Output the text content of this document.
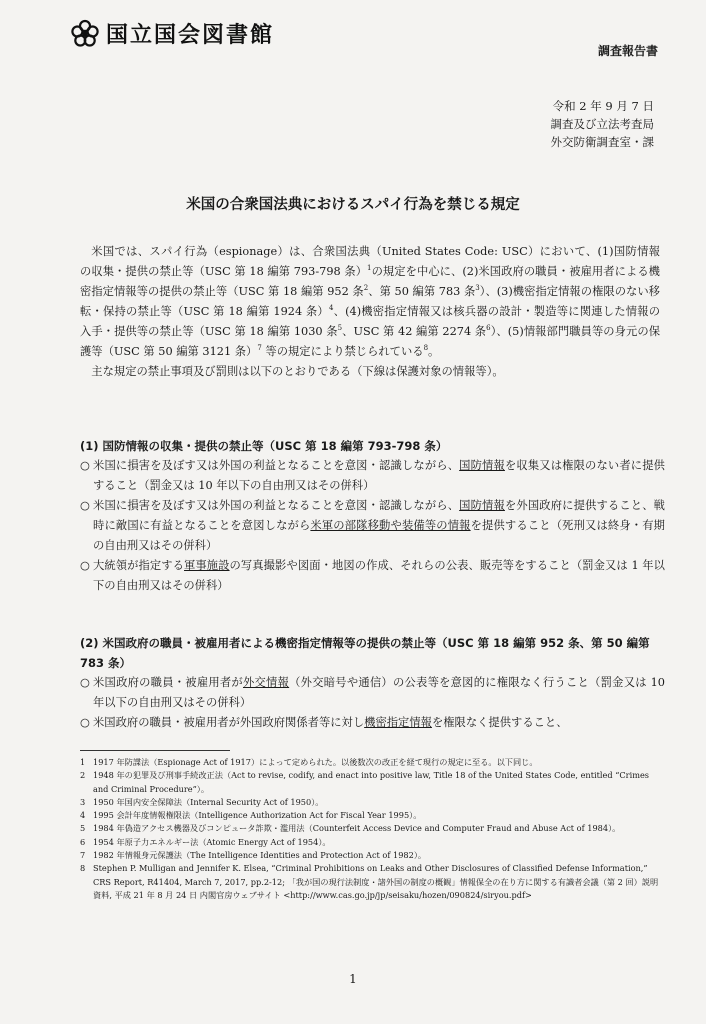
国立国会図書館
調査報告書
令和 2 年 9 月 7 日
調査及び立法考査局
外交防衛調査室・課
米国の合衆国法典におけるスパイ行為を禁じる規定

米国では、スパイ行為（espionage）は、合衆国法典（United States Code: USC）において、(1)国防情報の収集・提供の禁止等（USC 第 18 編第 793-798 条）$^1$の規定を中心に、(2)米国政府の職員・被雇用者による機密指定情報等の提供の禁止等（USC 第 18 編第 952 条$^2$、第 50 編第 783 条$^3$）、(3)機密指定情報の権限のない移転・保持の禁止等（USC 第 18 編第 1924 条）$^4$、(4)機密指定情報又は核兵器の設計・製造等に関連した情報の入手・提供等の禁止等（USC 第 18 編第 1030 条$^5$、USC 第 42 編第 2274 条$^6$）、(5)情報部門職員等の身元の保護等（USC 第 50 編第 3121 条）$^7$ 等の規定により禁じられている$^8$。

主な規定の禁止事項及び罰則は以下のとおりである（下線は保護対象の情報等）。

(1) 国防情報の収集・提供の禁止等（USC 第 18 編第 793-798 条）
○ 米国に損害を及ぼす又は外国の利益となることを意図・認識しながら、国防情報を収集又は権限のない者に提供すること（罰金又は 10 年以下の自由刑又はその併科）
○ 米国に損害を及ぼす又は外国の利益となることを意図・認識しながら、国防情報を外国政府に提供すること、戦時に敵国に有益となることを意図しながら米軍の部隊移動や装備等の情報を提供すること（死刑又は終身・有期の自由刑又はその併科）
○ 大統領が指定する軍事施設の写真撮影や図面・地図の作成、それらの公表、販売等をすること（罰金又は 1 年以下の自由刑又はその併科）
(2) 米国政府の職員・被雇用者による機密指定情報等の提供の禁止等（USC 第 18 編第 952 条、第 50 編第 783 条）
○ 米国政府の職員・被雇用者が外交情報（外交暗号や通信）の公表等を意図的に権限なく行うこと（罰金又は 10 年以下の自由刑又はその併科）
○ 米国政府の職員・被雇用者が外国政府関係者等に対し機密指定情報を権限なく提供すること、
1 1917 年防諜法（Espionage Act of 1917）によって定められた。以後数次の改正を経て現行の規定に至る。以下同じ。
2 1948 年の犯罪及び刑事手続改正法（Act to revise, codify, and enact into positive law, Title 18 of the United States Code, entitled “Crimes and Criminal Procedure”）。
3 1950 年国内安全保障法（Internal Security Act of 1950）。
4 1995 会計年度情報権限法（Intelligence Authorization Act for Fiscal Year 1995）。
5 1984 年偽造アクセス機器及びコンピュータ詐欺・濫用法（Counterfeit Access Device and Computer Fraud and Abuse Act of 1984）。
6 1954 年原子力エネルギー法（Atomic Energy Act of 1954）。
7 1982 年情報身元保護法（The Intelligence Identities and Protection Act of 1982）。
8 Stephen P. Mulligan and Jennifer K. Elsea, “Criminal Prohibitions on Leaks and Other Disclosures of Classified Defense Information,” CRS Report, R41404, March 7, 2017, pp.2-12; 「我が国の現行法制度・諸外国の制度の概観」情報保全の在り方に関する有識者会議（第 2 回）説明資料, 平成 21 年 8 月 24 日 内閣官房ウェブサイト <http://www.cas.go.jp/jp/seisaku/hozen/090824/siryou.pdf>
1
